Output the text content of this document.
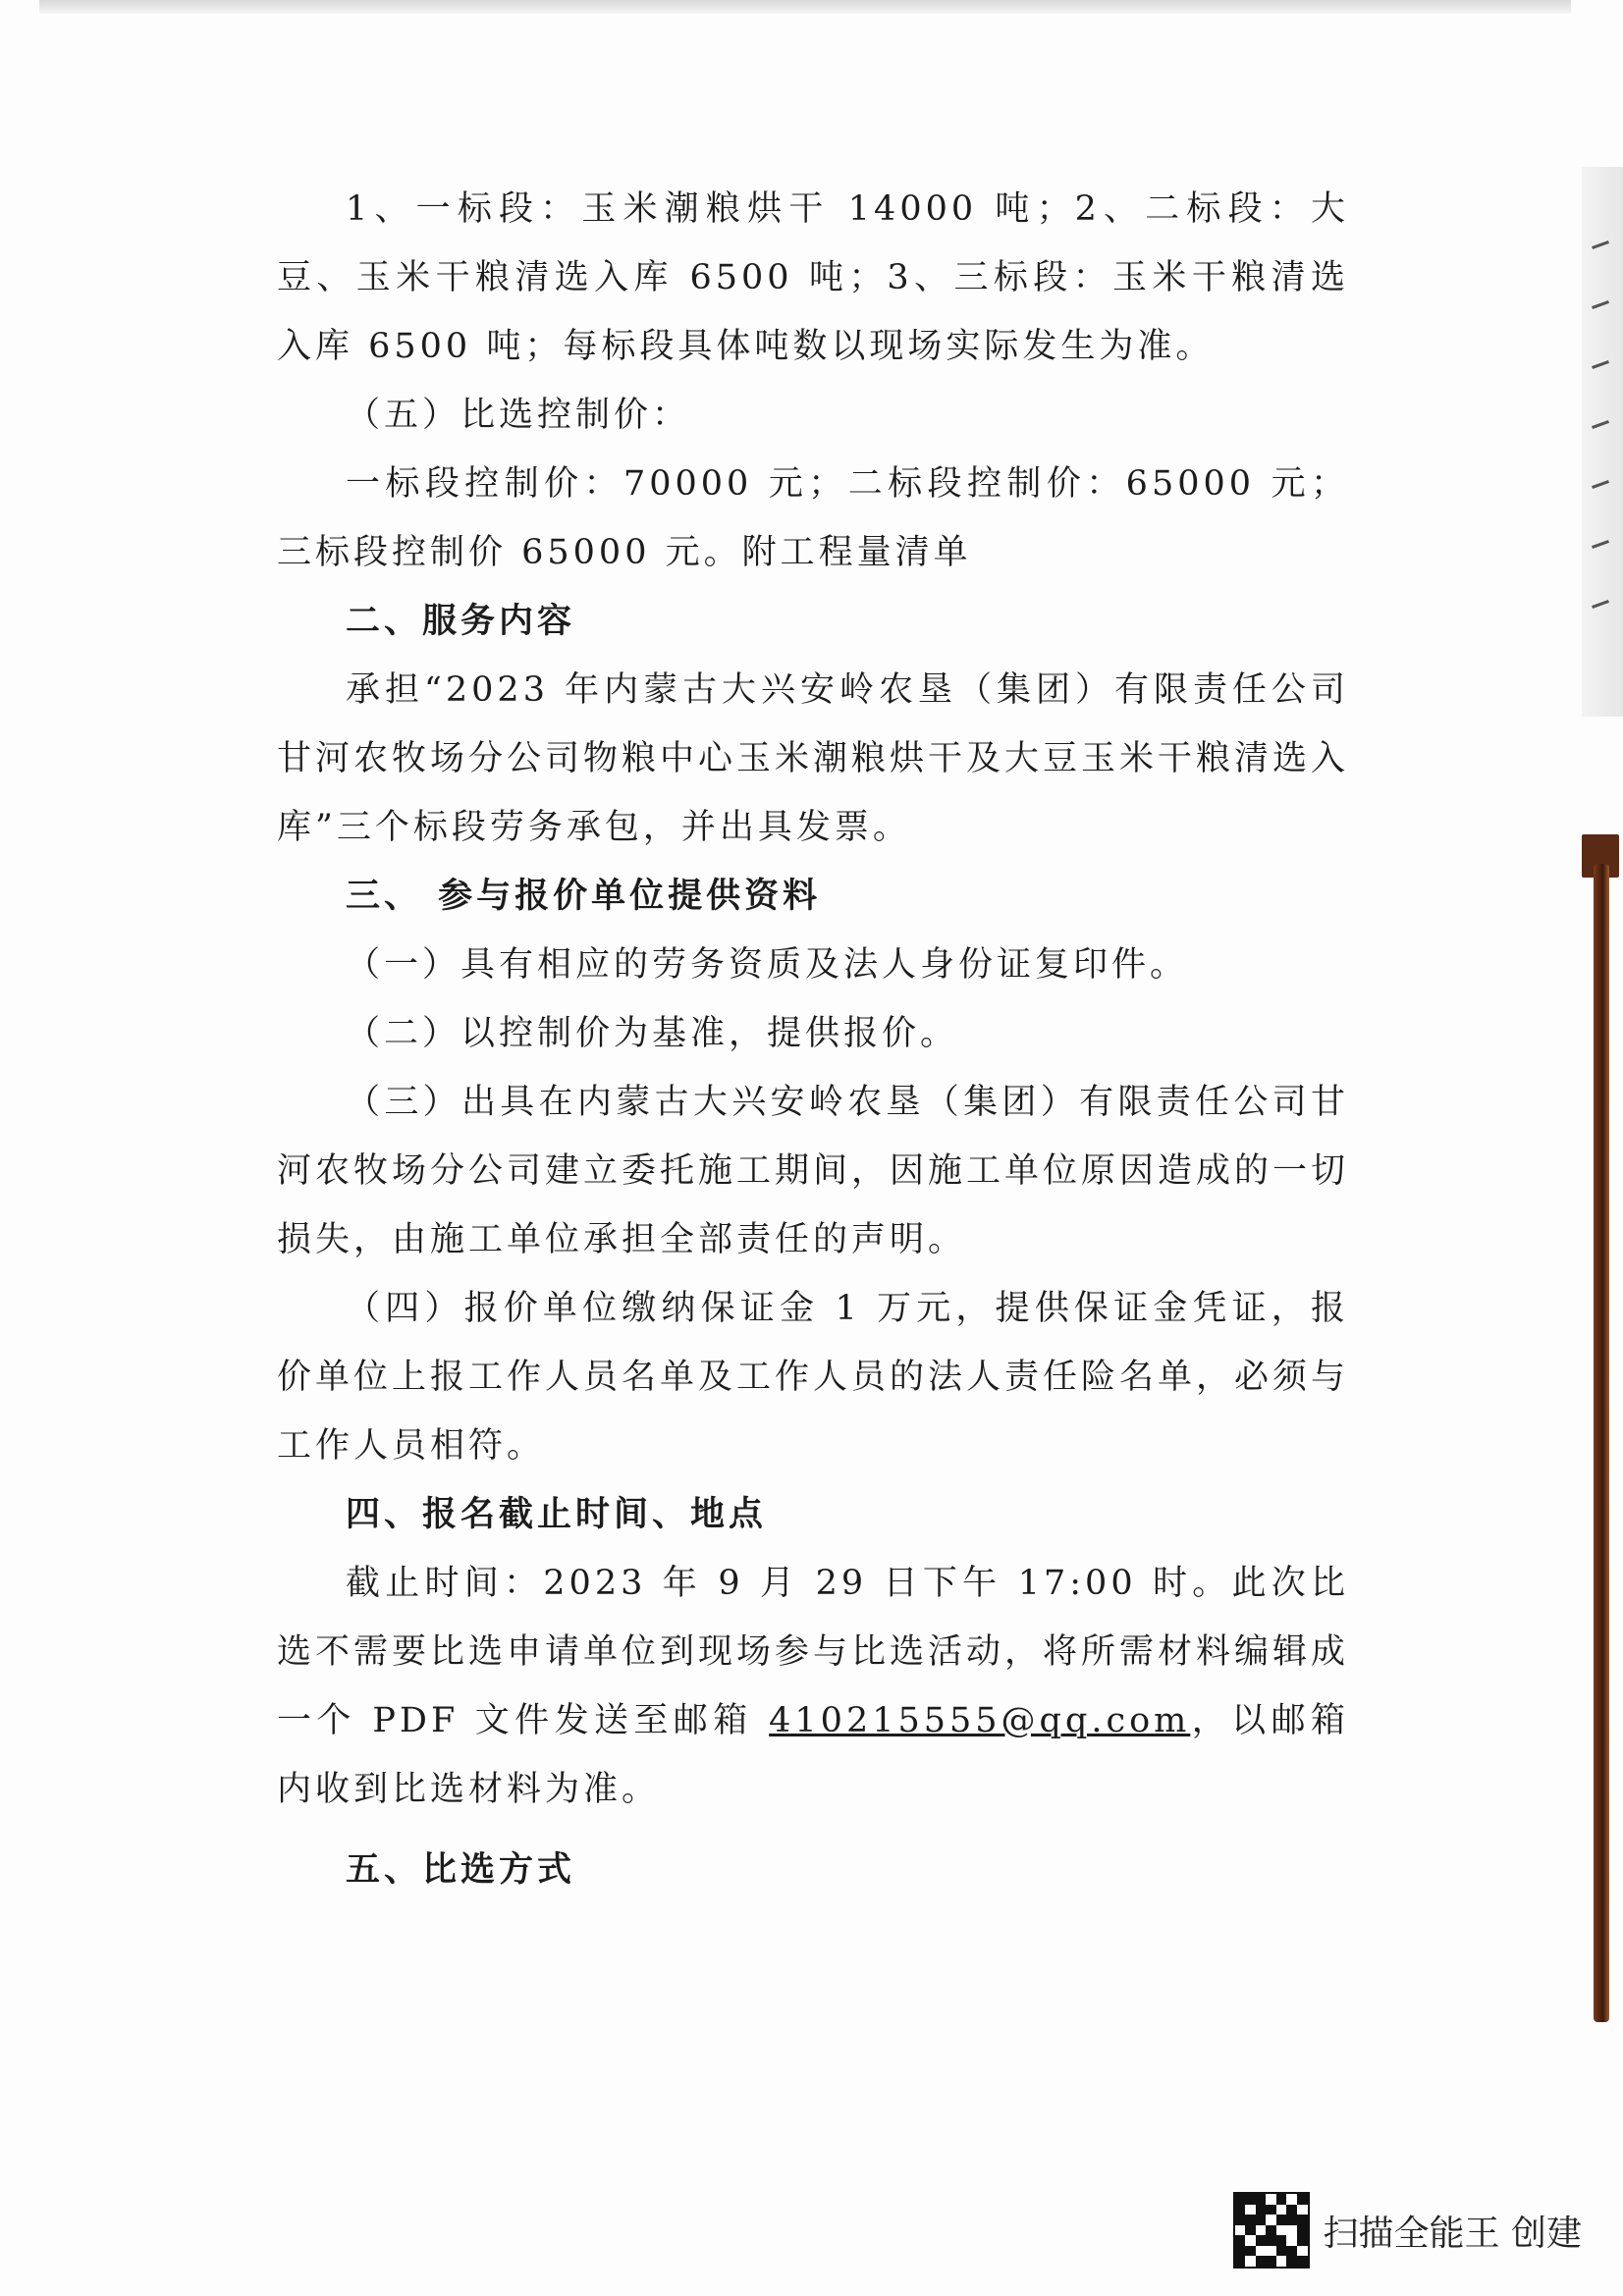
1、一标段：玉米潮粮烘干 14000 吨；2、二标段：大豆、玉米干粮清选入库 6500 吨；3、三标段：玉米干粮清选入库 6500 吨；每标段具体吨数以现场实际发生为准。

（五）比选控制价：

一标段控制价：70000 元；二标段控制价：65000 元；三标段控制价 65000 元。附工程量清单

二、服务内容

承担“2023 年内蒙古大兴安岭农垦（集团）有限责任公司甘河农牧场分公司物粮中心玉米潮粮烘干及大豆玉米干粮清选入库”三个标段劳务承包，并出具发票。

三、 参与报价单位提供资料

（一）具有相应的劳务资质及法人身份证复印件。

（二）以控制价为基准，提供报价。

（三）出具在内蒙古大兴安岭农垦（集团）有限责任公司甘河农牧场分公司建立委托施工期间，因施工单位原因造成的一切损失，由施工单位承担全部责任的声明。

（四）报价单位缴纳保证金 1 万元，提供保证金凭证，报价单位上报工作人员名单及工作人员的法人责任险名单，必须与工作人员相符。

四、报名截止时间、地点

截止时间：2023 年 9 月 29 日下午 17:00 时。此次比选不需要比选申请单位到现场参与比选活动，将所需材料编辑成一个 PDF 文件发送至邮箱 410215555@qq.com，以邮箱内收到比选材料为准。

五、比选方式

扫描全能王 创建
